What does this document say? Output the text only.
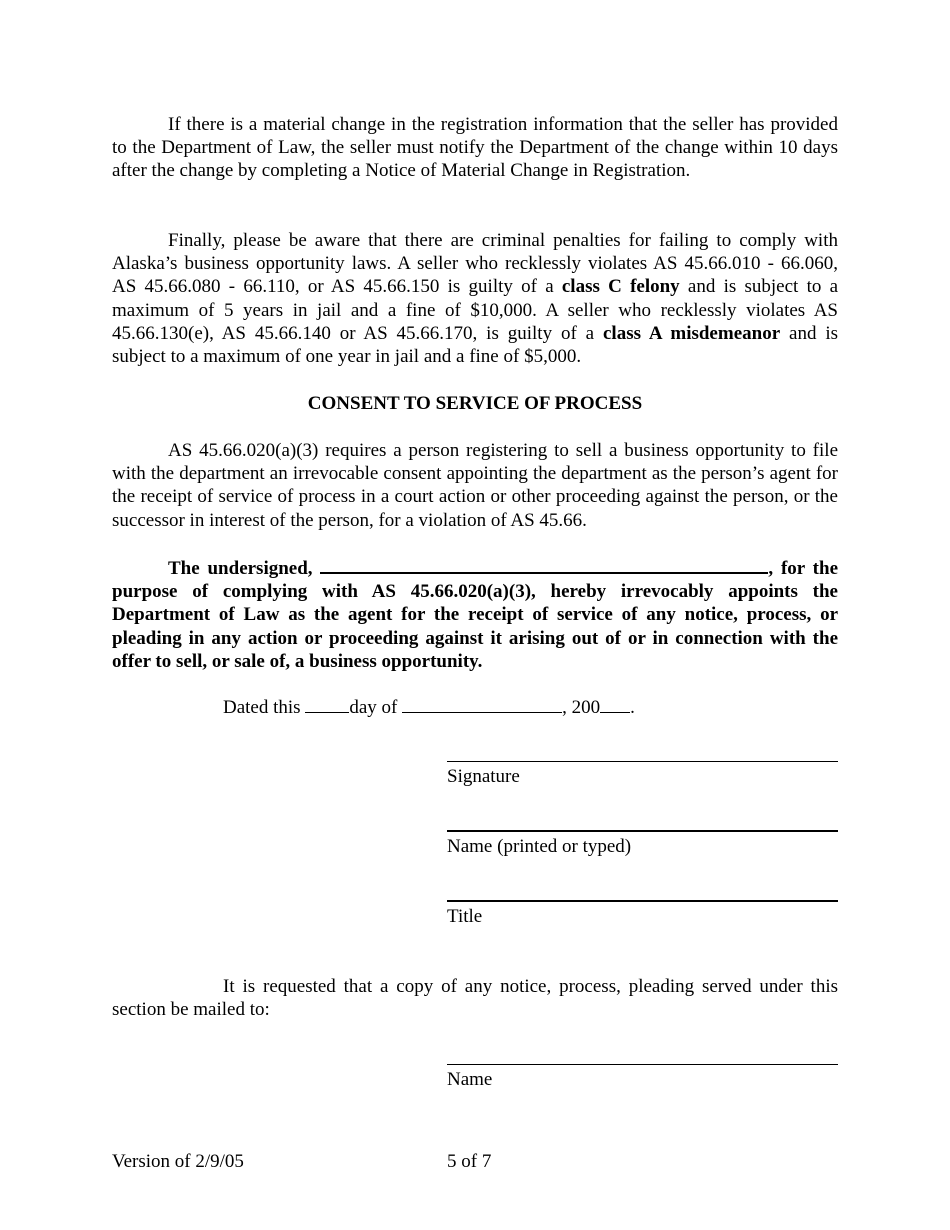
If there is a material change in the registration information that the seller has provided to the Department of Law, the seller must notify the Department of the change within 10 days after the change by completing a Notice of Material Change in Registration.

Finally, please be aware that there are criminal penalties for failing to comply with Alaska’s business opportunity laws. A seller who recklessly violates AS 45.66.010 - 66.060, AS 45.66.080 - 66.110, or AS 45.66.150 is guilty of a class C felony and is subject to a maximum of 5 years in jail and a fine of $10,000. A seller who recklessly violates AS 45.66.130(e), AS 45.66.140 or AS 45.66.170, is guilty of a class A misdemeanor and is subject to a maximum of one year in jail and a fine of $5,000.

CONSENT TO SERVICE OF PROCESS

AS 45.66.020(a)(3) requires a person registering to sell a business opportunity to file with the department an irrevocable consent appointing the department as the person’s agent for the receipt of service of process in a court action or other proceeding against the person, or the successor in interest of the person, for a violation of AS 45.66.

The undersigned,	, for the purpose of complying with AS 45.66.020(a)(3), hereby irrevocably appoints the Department of Law as the agent for the receipt of service of any notice, process, or pleading in any action or proceeding against it arising out of or in connection with the offer to sell, or sale of, a business opportunity.

Dated this day of	, 200 .
Signature
Name (printed or typed)
Title

It is requested that a copy of any notice, process, pleading served under this section be mailed to:

Name
Version of 2/9/05	5 of 7
